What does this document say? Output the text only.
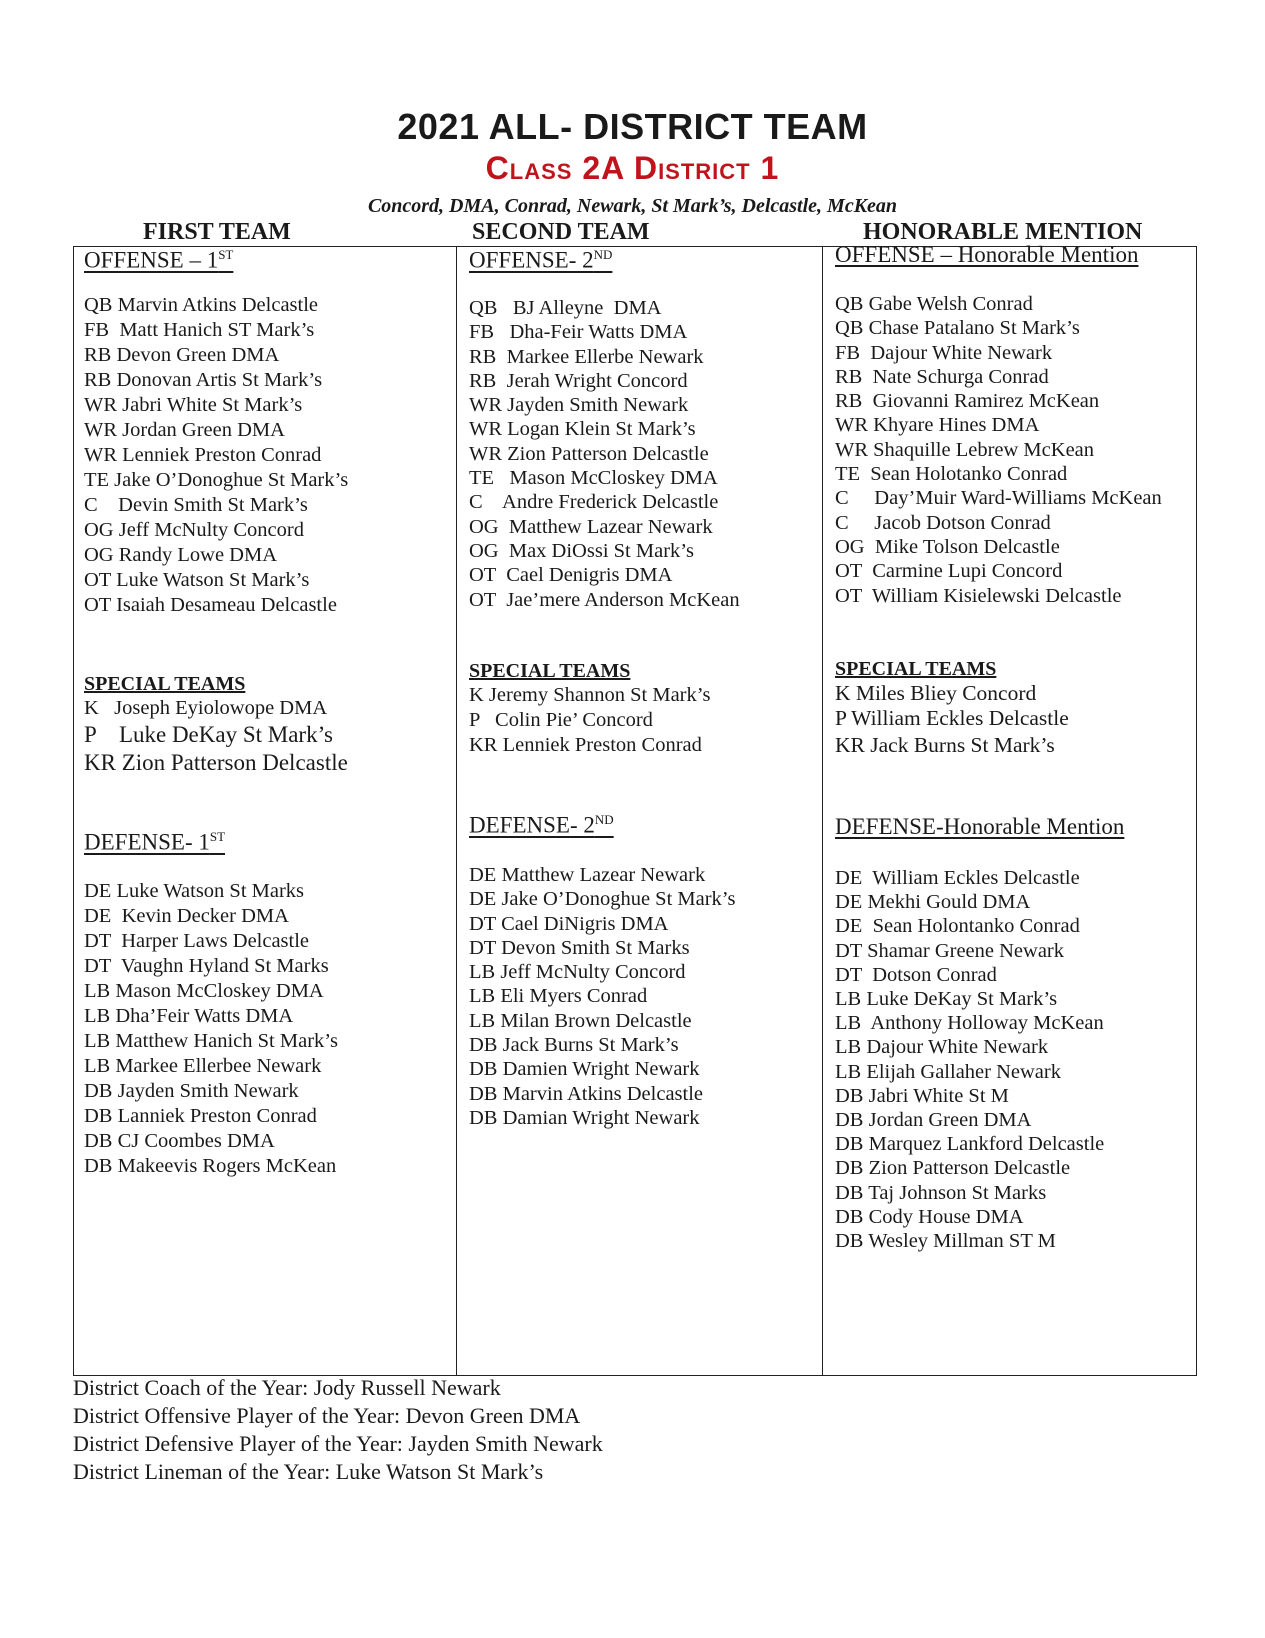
2021 ALL- DISTRICT TEAM
Class 2A District 1
Concord, DMA, Conrad, Newark, St Mark’s, Delcastle, McKean
FIRST TEAM	SECOND TEAM	HONORABLE MENTION
OFFENSE – 1ST
QB Marvin Atkins Delcastle
FB  Matt Hanich ST Mark’s
RB Devon Green DMA
RB Donovan Artis St Mark’s
WR Jabri White St Mark’s
WR Jordan Green DMA
WR Lenniek Preston Conrad
TE Jake O’Donoghue St Mark’s
C    Devin Smith St Mark’s
OG Jeff McNulty Concord
OG Randy Lowe DMA
OT Luke Watson St Mark’s
OT Isaiah Desameau Delcastle
SPECIAL TEAMS
K   Joseph Eyiolowope DMA
P    Luke DeKay St Mark’s
KR Zion Patterson Delcastle
DEFENSE- 1ST
DE Luke Watson St Marks
DE  Kevin Decker DMA
DT  Harper Laws Delcastle
DT  Vaughn Hyland St Marks
LB Mason McCloskey DMA
LB Dha’Feir Watts DMA
LB Matthew Hanich St Mark’s
LB Markee Ellerbee Newark
DB Jayden Smith Newark
DB Lanniek Preston Conrad
DB CJ Coombes DMA
DB Makeevis Rogers McKean
OFFENSE- 2ND
QB   BJ Alleyne  DMA
FB   Dha-Feir Watts DMA
RB  Markee Ellerbe Newark
RB  Jerah Wright Concord
WR Jayden Smith Newark
WR Logan Klein St Mark’s
WR Zion Patterson Delcastle
TE   Mason McCloskey DMA
C    Andre Frederick Delcastle
OG  Matthew Lazear Newark
OG  Max DiOssi St Mark’s
OT  Cael Denigris DMA
OT  Jae’mere Anderson McKean
SPECIAL TEAMS
K Jeremy Shannon St Mark’s
P   Colin Pie’ Concord
KR Lenniek Preston Conrad
DEFENSE- 2ND
DE Matthew Lazear Newark
DE Jake O’Donoghue St Mark’s
DT Cael DiNigris DMA
DT Devon Smith St Marks
LB Jeff McNulty Concord
LB Eli Myers Conrad
LB Milan Brown Delcastle
DB Jack Burns St Mark’s
DB Damien Wright Newark
DB Marvin Atkins Delcastle
DB Damian Wright Newark
OFFENSE – Honorable Mention
QB Gabe Welsh Conrad
QB Chase Patalano St Mark’s
FB  Dajour White Newark
RB  Nate Schurga Conrad
RB  Giovanni Ramirez McKean
WR Khyare Hines DMA
WR Shaquille Lebrew McKean
TE  Sean Holotanko Conrad
C     Day’Muir Ward-Williams McKean
C     Jacob Dotson Conrad
OG  Mike Tolson Delcastle
OT  Carmine Lupi Concord
OT  William Kisielewski Delcastle
SPECIAL TEAMS
K Miles Bliey Concord
P William Eckles Delcastle
KR Jack Burns St Mark’s
DEFENSE-Honorable Mention
DE  William Eckles Delcastle
DE Mekhi Gould DMA
DE  Sean Holontanko Conrad
DT Shamar Greene Newark
DT  Dotson Conrad
LB Luke DeKay St Mark’s
LB  Anthony Holloway McKean
LB Dajour White Newark
LB Elijah Gallaher Newark
DB Jabri White St M
DB Jordan Green DMA
DB Marquez Lankford Delcastle
DB Zion Patterson Delcastle
DB Taj Johnson St Marks
DB Cody House DMA
DB Wesley Millman ST M
District Coach of the Year: Jody Russell Newark
District Offensive Player of the Year: Devon Green DMA
District Defensive Player of the Year: Jayden Smith Newark
District Lineman of the Year: Luke Watson St Mark’s
